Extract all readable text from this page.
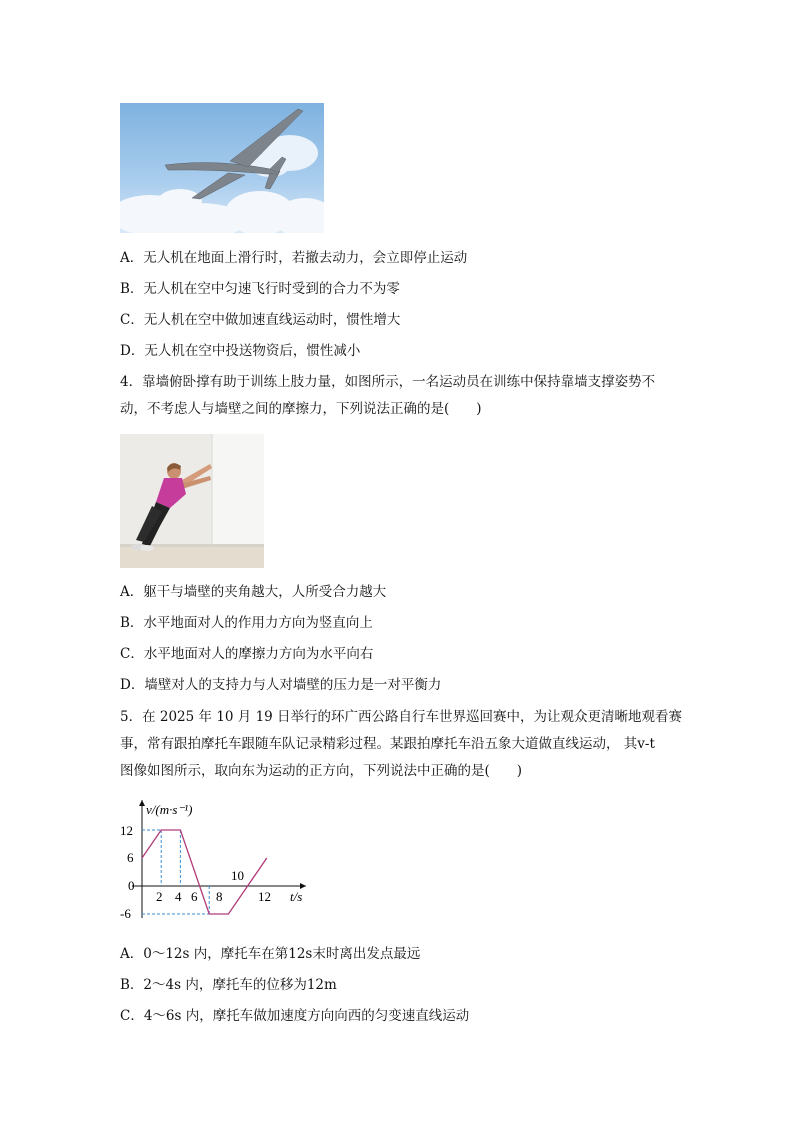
A．无人机在地面上滑行时，若撤去动力，会立即停止运动
B．无人机在空中匀速飞行时受到的合力不为零
C．无人机在空中做加速直线运动时，惯性增大
D．无人机在空中投送物资后，惯性减小
4．靠墙俯卧撑有助于训练上肢力量，如图所示，一名运动员在训练中保持靠墙支撑姿势不
动，不考虑人与墙壁之间的摩擦力，下列说法正确的是(　　)
A．躯干与墙壁的夹角越大，人所受合力越大
B．水平地面对人的作用力方向为竖直向上
C．水平地面对人的摩擦力方向为水平向右
D．墙壁对人的支持力与人对墙壁的压力是一对平衡力
5．在 2025 年 10 月 19 日举行的环广西公路自行车世界巡回赛中，为让观众更清晰地观看赛
事，常有跟拍摩托车跟随车队记录精彩过程。某跟拍摩托车沿五象大道做直线运动， 其v-t
图像如图所示，取向东为运动的正方向，下列说法中正确的是(　　)
v/(m·s⁻¹)
t/s
12
6
0
-6
2 4 6 8
10
12
A．0～12s 内，摩托车在第12s末时离出发点最远
B．2～4s 内，摩托车的位移为12m
C．4～6s 内，摩托车做加速度方向向西的匀变速直线运动
